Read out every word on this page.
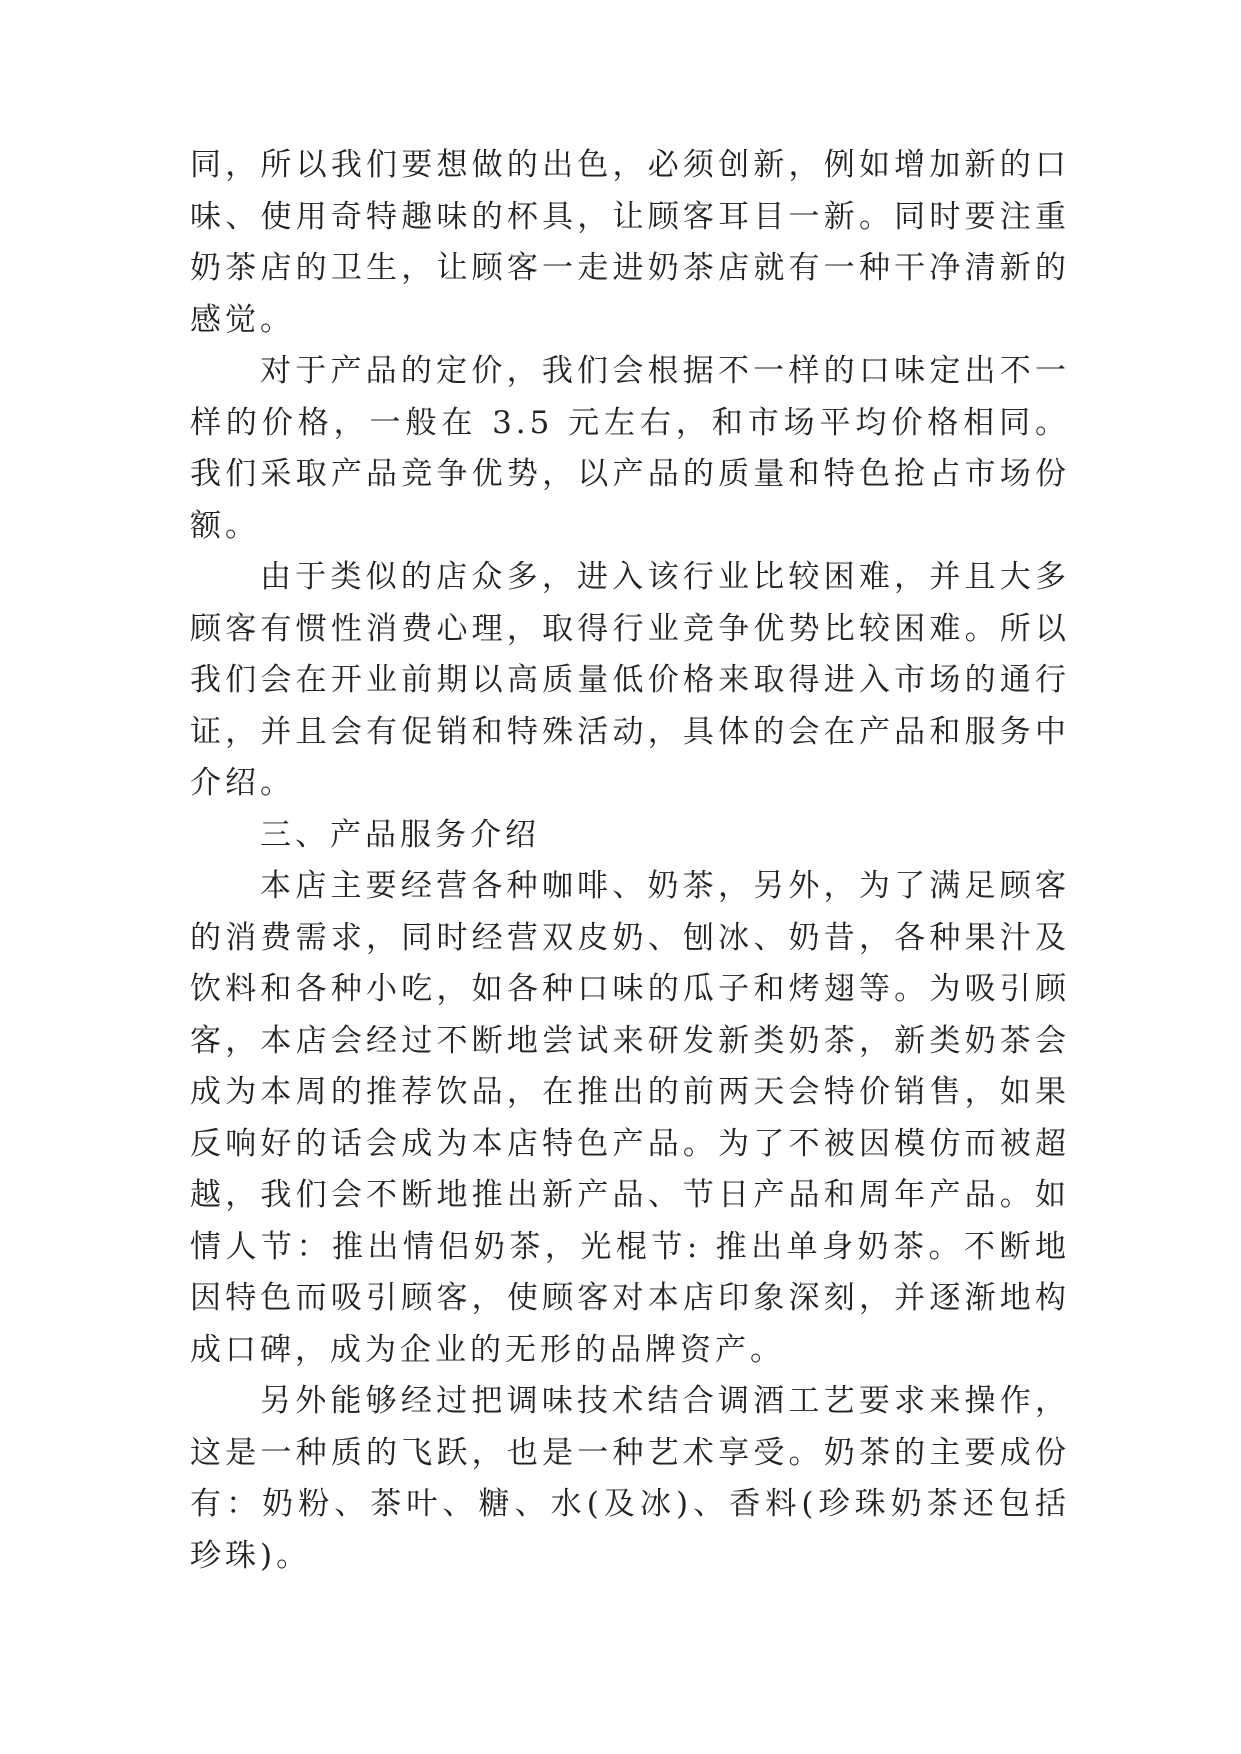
同，所以我们要想做的出色，必须创新，例如增加新的口味、使用奇特趣味的杯具，让顾客耳目一新。同时要注重奶茶店的卫生，让顾客一走进奶茶店就有一种干净清新的感觉。

对于产品的定价，我们会根据不一样的口味定出不一样的价格，一般在 3.5 元左右，和市场平均价格相同。我们采取产品竞争优势，以产品的质量和特色抢占市场份额。

由于类似的店众多，进入该行业比较困难，并且大多顾客有惯性消费心理，取得行业竞争优势比较困难。所以我们会在开业前期以高质量低价格来取得进入市场的通行证，并且会有促销和特殊活动，具体的会在产品和服务中介绍。

三、产品服务介绍

本店主要经营各种咖啡、奶茶，另外，为了满足顾客的消费需求，同时经营双皮奶、刨冰、奶昔，各种果汁及饮料和各种小吃，如各种口味的瓜子和烤翅等。为吸引顾客，本店会经过不断地尝试来研发新类奶茶，新类奶茶会成为本周的推荐饮品，在推出的前两天会特价销售，如果反响好的话会成为本店特色产品。为了不被因模仿而被超越，我们会不断地推出新产品、节日产品和周年产品。如情人节：推出情侣奶茶，光棍节: 推出单身奶茶。不断地因特色而吸引顾客，使顾客对本店印象深刻，并逐渐地构成口碑，成为企业的无形的品牌资产。

另外能够经过把调味技术结合调酒工艺要求来操作，这是一种质的飞跃，也是一种艺术享受。奶茶的主要成份有：奶粉、茶叶、糖、水(及冰)、香料(珍珠奶茶还包括珍珠)。
